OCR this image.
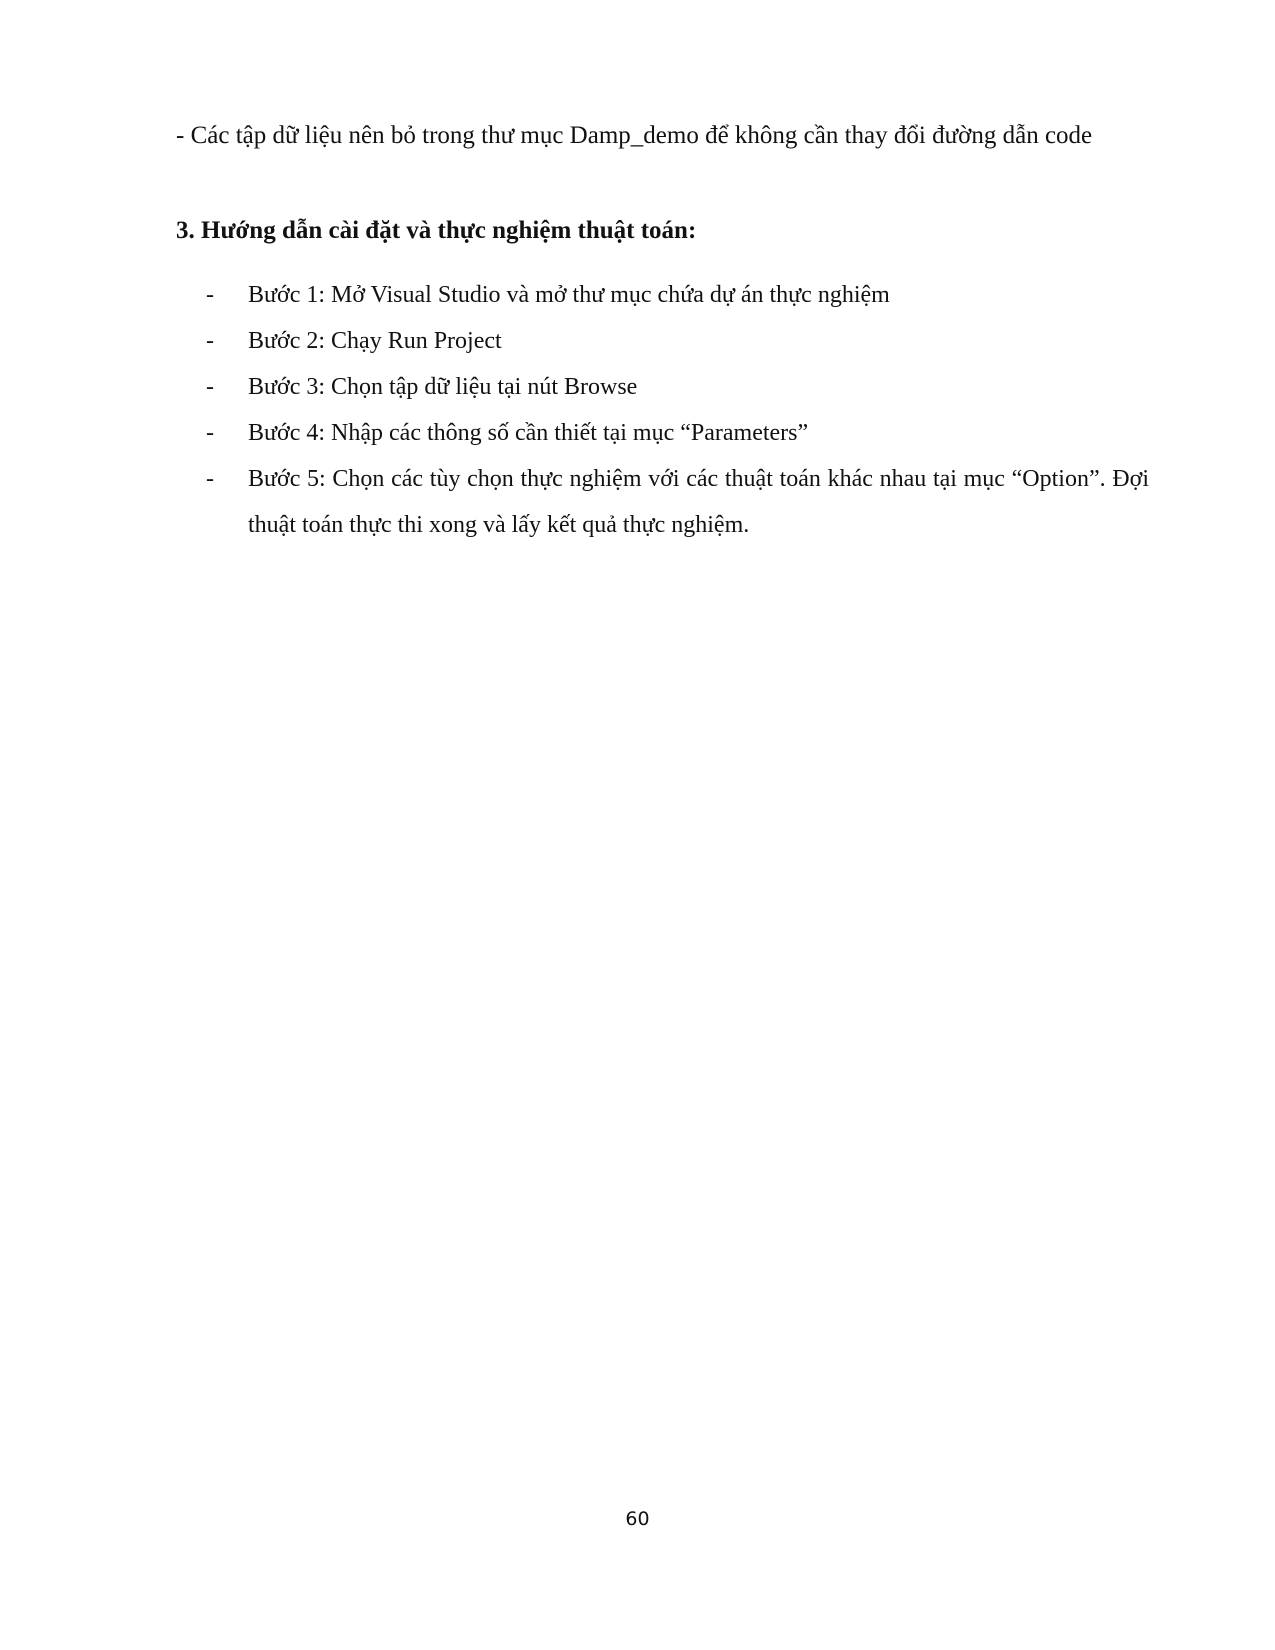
- Các tập dữ liệu nên bỏ trong thư mục Damp_demo để không cần thay đổi đường dẫn code

3. Hướng dẫn cài đặt và thực nghiệm thuật toán:
- Bước 1: Mở Visual Studio và mở thư mục chứa dự án thực nghiệm
- Bước 2: Chạy Run Project
- Bước 3: Chọn tập dữ liệu tại nút Browse
- Bước 4: Nhập các thông số cần thiết tại mục “Parameters”
- Bước 5: Chọn các tùy chọn thực nghiệm với các thuật toán khác nhau tại mục “Option”. Đợi thuật toán thực thi xong và lấy kết quả thực nghiệm.

60
